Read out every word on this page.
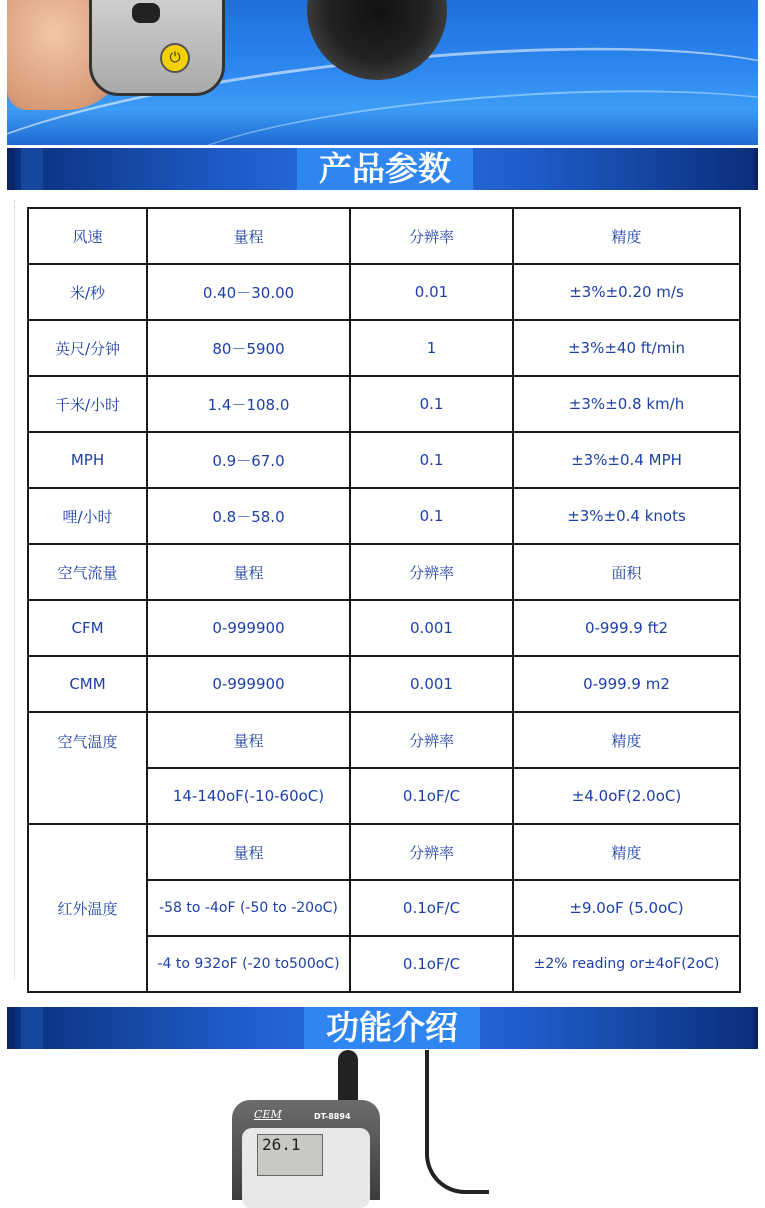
⏻
产品参数
风速	量程	分辨率	精度
米/秒	0.40－30.00	0.01	±3%±0.20 m/s
英尺/分钟	80－5900	1	±3%±40 ft/min
千米/小时	1.4－108.0	0.1	±3%±0.8 km/h
MPH	0.9－67.0	0.1	±3%±0.4 MPH
哩/小时	0.8－58.0	0.1	±3%±0.4 knots
空气流量	量程	分辨率	面积
CFM	0-999900	0.001	0-999.9 ft2
CMM	0-999900	0.001	0-999.9 m2
空气温度	量程	分辨率	精度
	14-140oF(-10-60oC)	0.1oF/C	±4.0oF(2.0oC)
红外温度	量程	分辨率	精度
	-58 to -4oF (-50 to -20oC)	0.1oF/C	±9.0oF (5.0oC)
	-4 to 932oF (-20 to500oC)	0.1oF/C	±2% reading or±4oF(2oC)
功能介绍
CEM	DT-8894
26.1
